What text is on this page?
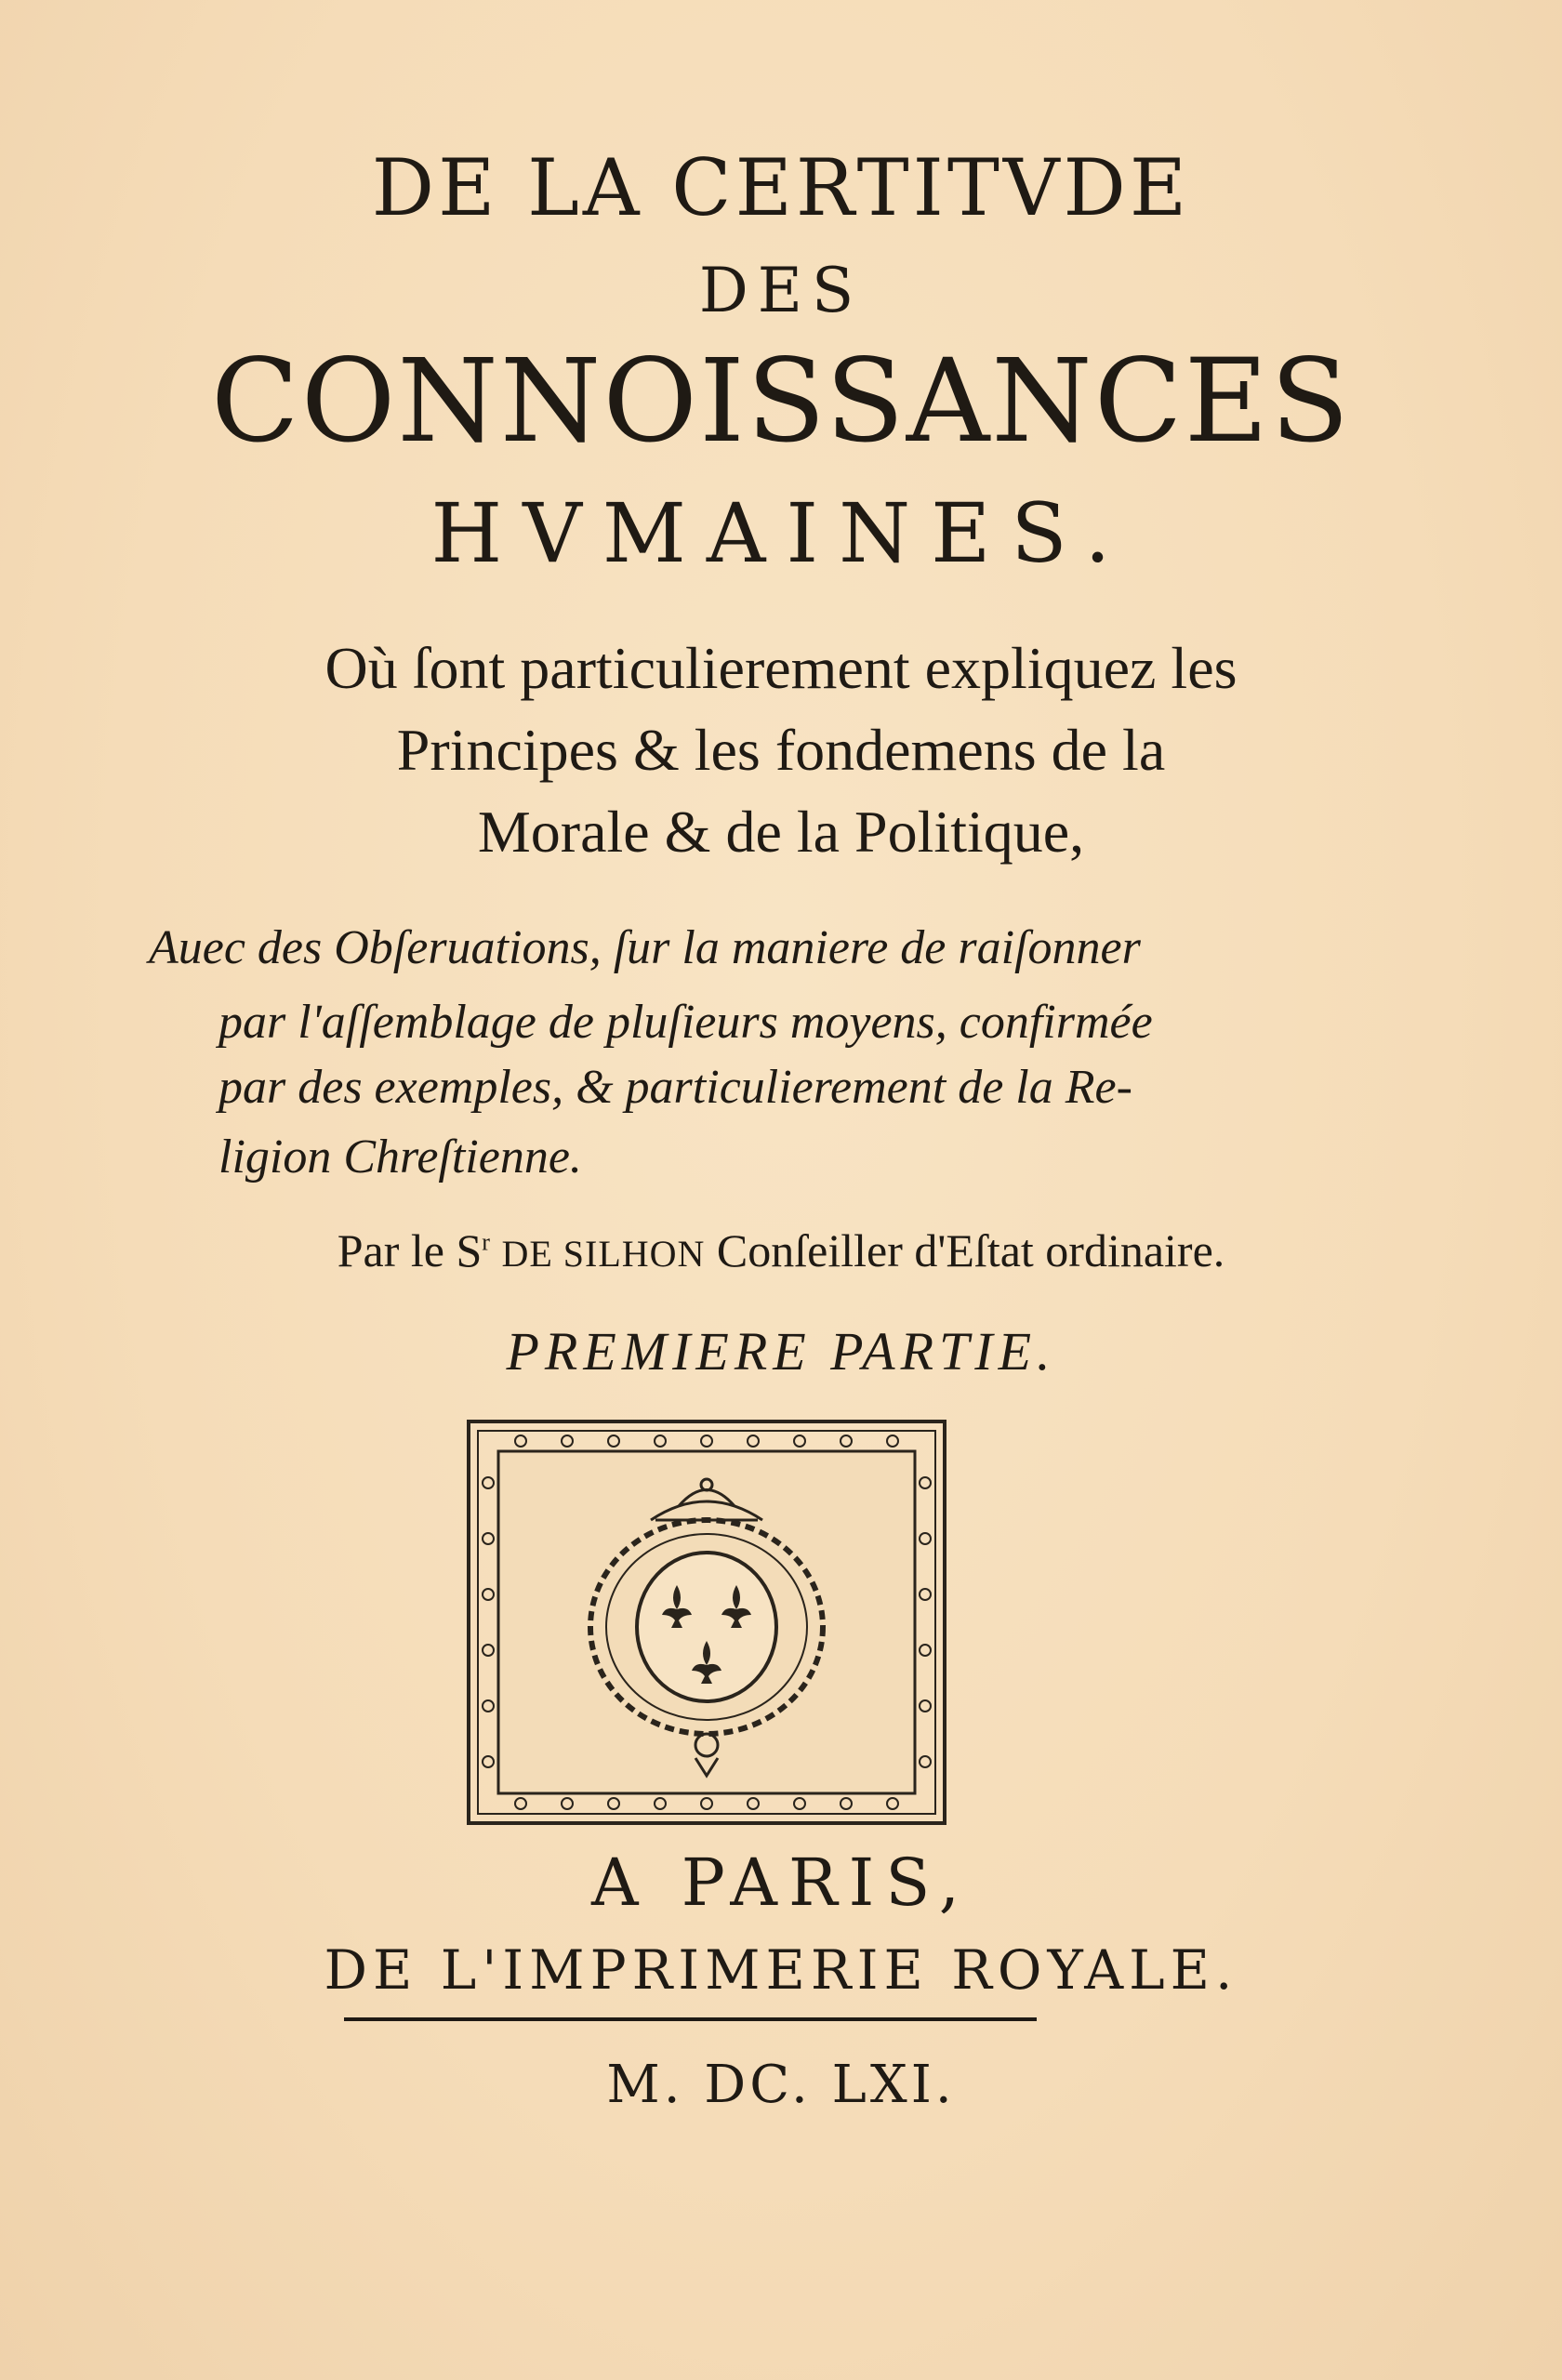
DE LA CERTITVDE
DES
CONNOISSANCES
HVMAINES.
Où ſont particulierement expliquez les
Principes & les fondemens de la
Morale & de la Politique,
Auec des Obſeruations, ſur la maniere de raiſonner
par l'aſſemblage de pluſieurs moyens, confirmée
par des exemples, & particulierement de la Re-
ligion Chreſtienne.
Par le $S^r$ DE SILHON Conſeiller d'Eſtat ordinaire.
PREMIERE PARTIE.
A PARIS,
DE L'IMPRIMERIE ROYALE.
M. DC. LXI.
